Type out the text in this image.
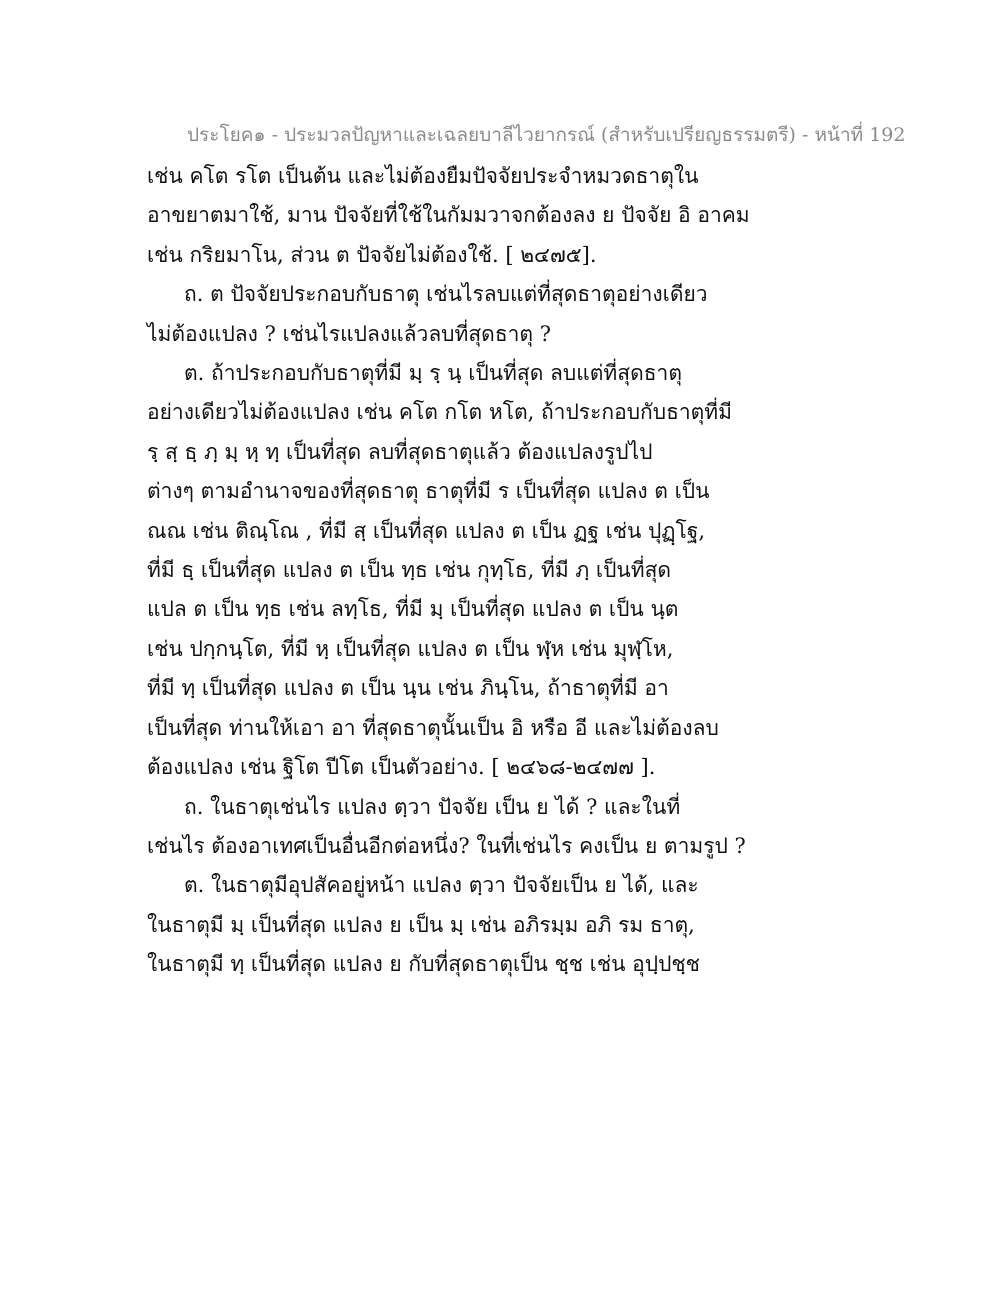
ประโยค๑ - ประมวลปัญหาและเฉลยบาลีไวยากรณ์ (สำหรับเปรียญธรรมตรี) - หน้าที่ 192
เช่น คโต รโต เป็นต้น และไม่ต้องยืมปัจจัยประจำหมวดธาตุใน
อาขยาตมาใช้, มาน ปัจจัยที่ใช้ในกัมมวาจกต้องลง ย ปัจจัย อิ อาคม
เช่น กริยมาโน, ส่วน ต ปัจจัยไม่ต้องใช้. [ ๒๔๗๕].
ถ. ต ปัจจัยประกอบกับธาตุ เช่นไรลบแต่ที่สุดธาตุอย่างเดียว
ไม่ต้องแปลง ? เช่นไรแปลงแล้วลบที่สุดธาตุ ?
ต. ถ้าประกอบกับธาตุที่มี มฺ รฺ นฺ เป็นที่สุด ลบแต่ที่สุดธาตุ
อย่างเดียวไม่ต้องแปลง เช่น คโต กโต หโต, ถ้าประกอบกับธาตุที่มี
รฺ สฺ ธฺ ภฺ มฺ หฺ ทฺ เป็นที่สุด ลบที่สุดธาตุแล้ว ต้องแปลงรูปไป
ต่างๆ ตามอำนาจของที่สุดธาตุ ธาตุที่มี ร เป็นที่สุด แปลง ต เป็น
ณณ เช่น ติณฺโณ , ที่มี สฺ เป็นที่สุด แปลง ต เป็น ฏฐ เช่น ปุฏฺโฐ,
ที่มี ธฺ เป็นที่สุด แปลง ต เป็น ทฺธ เช่น กุทฺโธ, ที่มี ภฺ เป็นที่สุด
แปล ต เป็น ทฺธ เช่น ลทฺโธ, ที่มี มฺ เป็นที่สุด แปลง ต เป็น นฺต
เช่น ปกฺกนฺโต, ที่มี หฺ เป็นที่สุด แปลง ต เป็น ฬฺห เช่น มุฬฺโห,
ที่มี ทฺ เป็นที่สุด แปลง ต เป็น นฺน เช่น ภินฺโน, ถ้าธาตุที่มี อา
เป็นที่สุด ท่านให้เอา อา ที่สุดธาตุนั้นเป็น อิ หรือ อี และไม่ต้องลบ
ต้องแปลง เช่น ฐิโต ปีโต เป็นตัวอย่าง. [ ๒๔๖๘-๒๔๗๗ ].
ถ. ในธาตุเช่นไร แปลง ตฺวา ปัจจัย เป็น ย ได้ ? และในที่
เช่นไร ต้องอาเทศเป็นอื่นอีกต่อหนึ่ง? ในที่เช่นไร คงเป็น ย ตามรูป ?
ต. ในธาตุมีอุปสัคอยู่หน้า แปลง ตฺวา ปัจจัยเป็น ย ได้, และ
ในธาตุมี มฺ เป็นที่สุด แปลง ย เป็น มฺ เช่น อภิรมฺม อภิ รม ธาตุ,
ในธาตุมี ทฺ เป็นที่สุด แปลง ย กับที่สุดธาตุเป็น ชฺช เช่น อุปฺปชฺช
